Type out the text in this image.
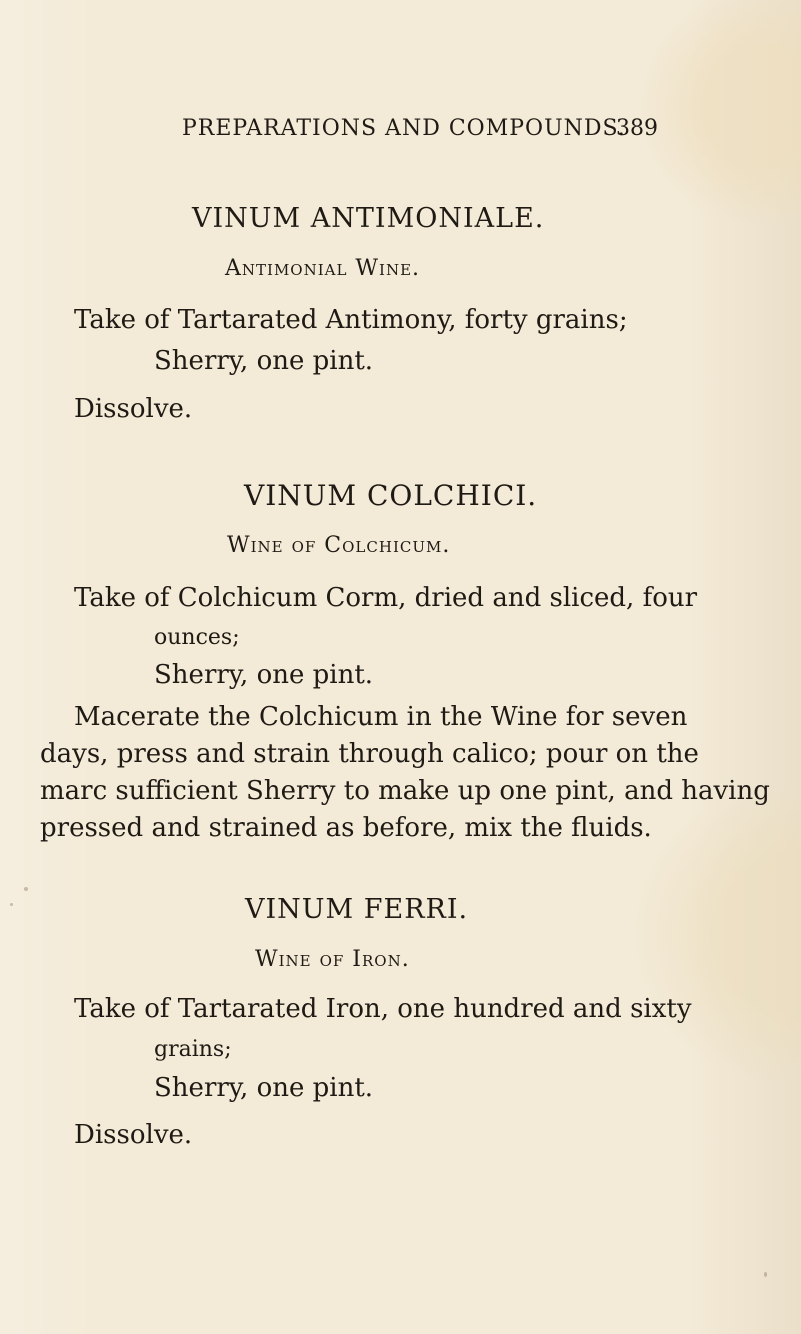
PREPARATIONS AND COMPOUNDS.

389

VINUM ANTIMONIALE.
Antimonial Wine.

Take of Tartarated Antimony, forty grains;

Sherry, one pint.

Dissolve.

VINUM COLCHICI.
Wine of Colchicum.

Take of Colchicum Corm, dried and sliced, four

ounces;

Sherry, one pint.

Macerate the Colchicum in the Wine for seven

days, press and strain through calico; pour on the

marc sufficient Sherry to make up one pint, and having

pressed and strained as before, mix the fluids.

VINUM FERRI.
Wine of Iron.

Take of Tartarated Iron, one hundred and sixty

grains;

Sherry, one pint.

Dissolve.
